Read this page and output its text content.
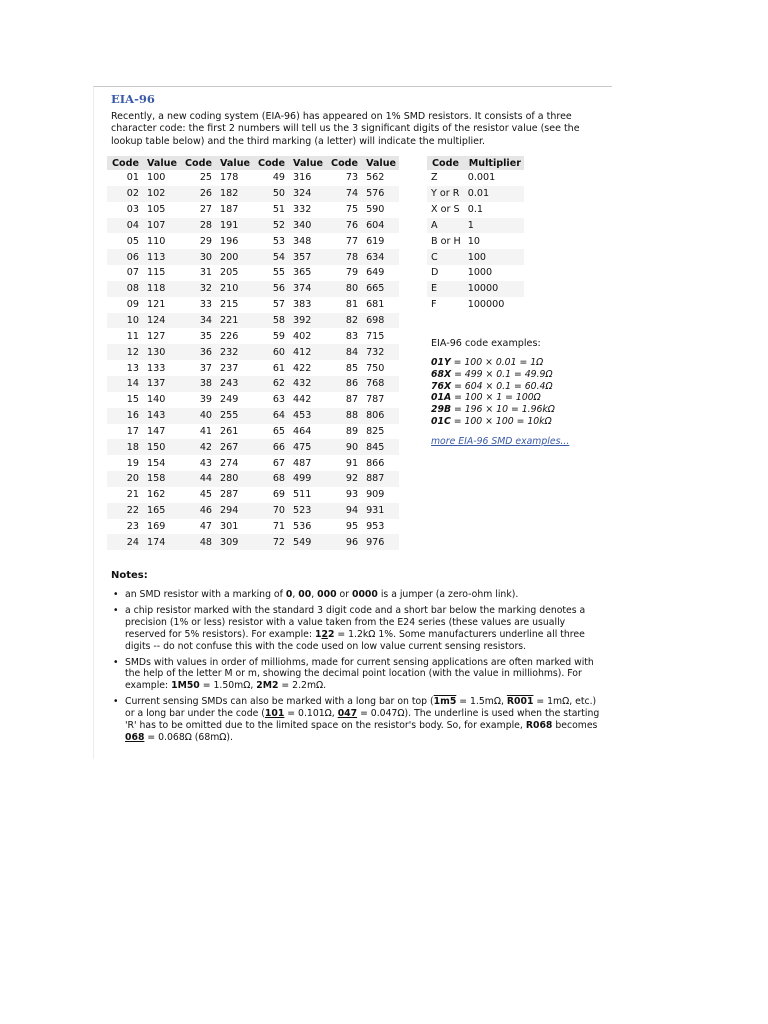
EIA-96
Recently, a new coding system (EIA-96) has appeared on 1% SMD resistors. It consists of a three character code: the first 2 numbers will tell us the 3 significant digits of the resistor value (see the lookup table below) and the third marking (a letter) will indicate the multiplier.
Code	Value	Code	Value	Code	Value	Code	Value
01	100	25	178	49	316	73	562
02	102	26	182	50	324	74	576
03	105	27	187	51	332	75	590
04	107	28	191	52	340	76	604
05	110	29	196	53	348	77	619
06	113	30	200	54	357	78	634
07	115	31	205	55	365	79	649
08	118	32	210	56	374	80	665
09	121	33	215	57	383	81	681
10	124	34	221	58	392	82	698
11	127	35	226	59	402	83	715
12	130	36	232	60	412	84	732
13	133	37	237	61	422	85	750
14	137	38	243	62	432	86	768
15	140	39	249	63	442	87	787
16	143	40	255	64	453	88	806
17	147	41	261	65	464	89	825
18	150	42	267	66	475	90	845
19	154	43	274	67	487	91	866
20	158	44	280	68	499	92	887
21	162	45	287	69	511	93	909
22	165	46	294	70	523	94	931
23	169	47	301	71	536	95	953
24	174	48	309	72	549	96	976
Code	Multiplier
Z	0.001
Y or R	0.01
X or S	0.1
A	1
B or H	10
C	100
D	1000
E	10000
F	100000
EIA-96 code examples:
01Y = 100 × 0.01 = 1Ω
68X = 499 × 0.1 = 49.9Ω
76X = 604 × 0.1 = 60.4Ω
01A = 100 × 1 = 100Ω
29B = 196 × 10 = 1.96kΩ
01C = 100 × 100 = 10kΩ
more EIA-96 SMD examples...
Notes:
• an SMD resistor with a marking of 0, 00, 000 or 0000 is a jumper (a zero-ohm link).
• a chip resistor marked with the standard 3 digit code and a short bar below the marking denotes a precision (1% or less) resistor with a value taken from the E24 series (these values are usually reserved for 5% resistors). For example: 122 = 1.2kΩ 1%. Some manufacturers underline all three digits -- do not confuse this with the code used on low value current sensing resistors.
• SMDs with values in order of milliohms, made for current sensing applications are often marked with the help of the letter M or m, showing the decimal point location (with the value in milliohms). For example: 1M50 = 1.50mΩ, 2M2 = 2.2mΩ.
• Current sensing SMDs can also be marked with a long bar on top (1m5 = 1.5mΩ, R001 = 1mΩ, etc.) or a long bar under the code (101 = 0.101Ω, 047 = 0.047Ω). The underline is used when the starting 'R' has to be omitted due to the limited space on the resistor's body. So, for example, R068 becomes 068 = 0.068Ω (68mΩ).
